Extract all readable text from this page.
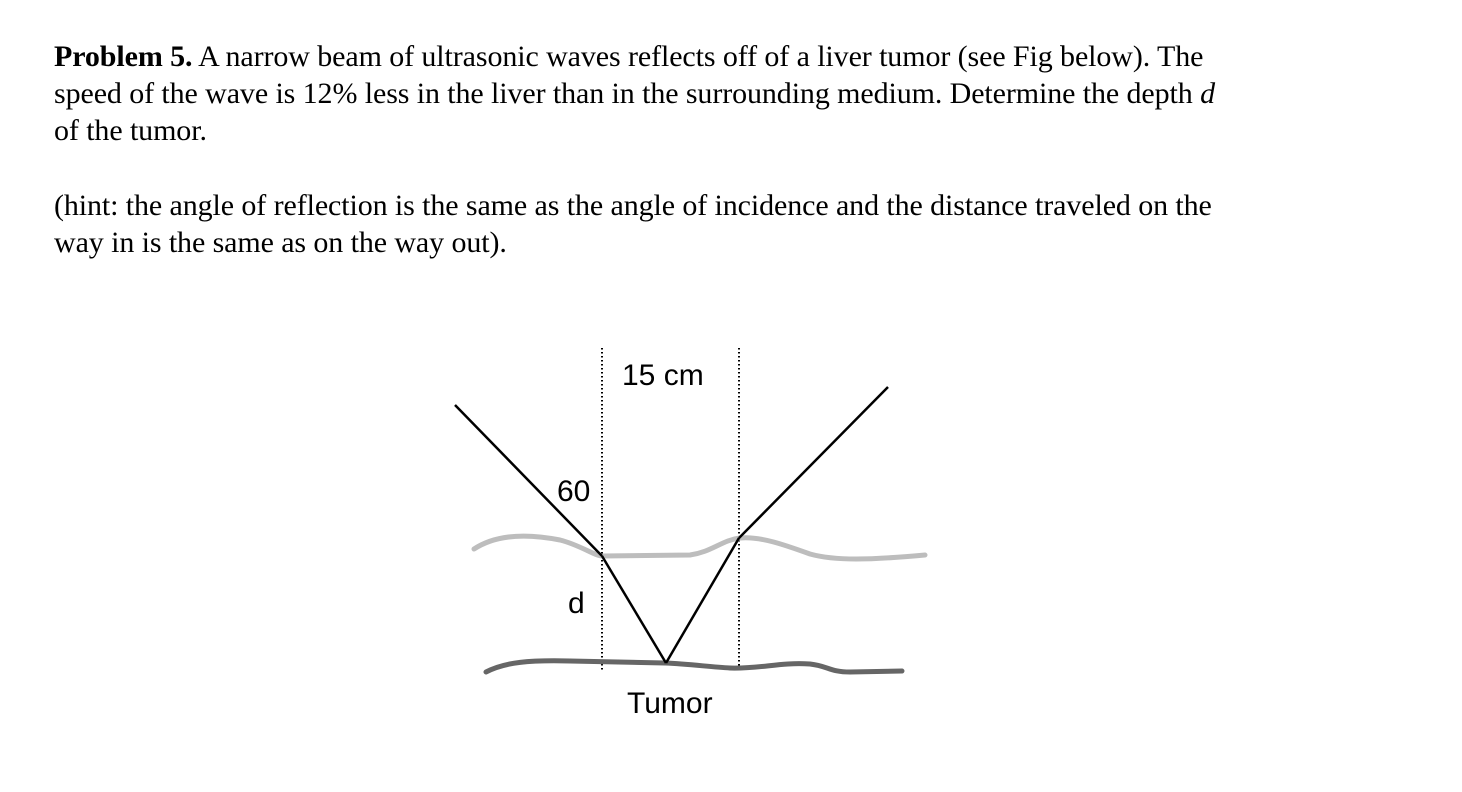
Problem 5. A narrow beam of ultrasonic waves reflects off of a liver tumor (see Fig below). The
speed of the wave is 12% less in the liver than in the surrounding medium. Determine the depth d
of the tumor.

(hint: the angle of reflection is the same as the angle of incidence and the distance traveled on the
way in is the same as on the way out).

15 cm
60
d
Tumor
